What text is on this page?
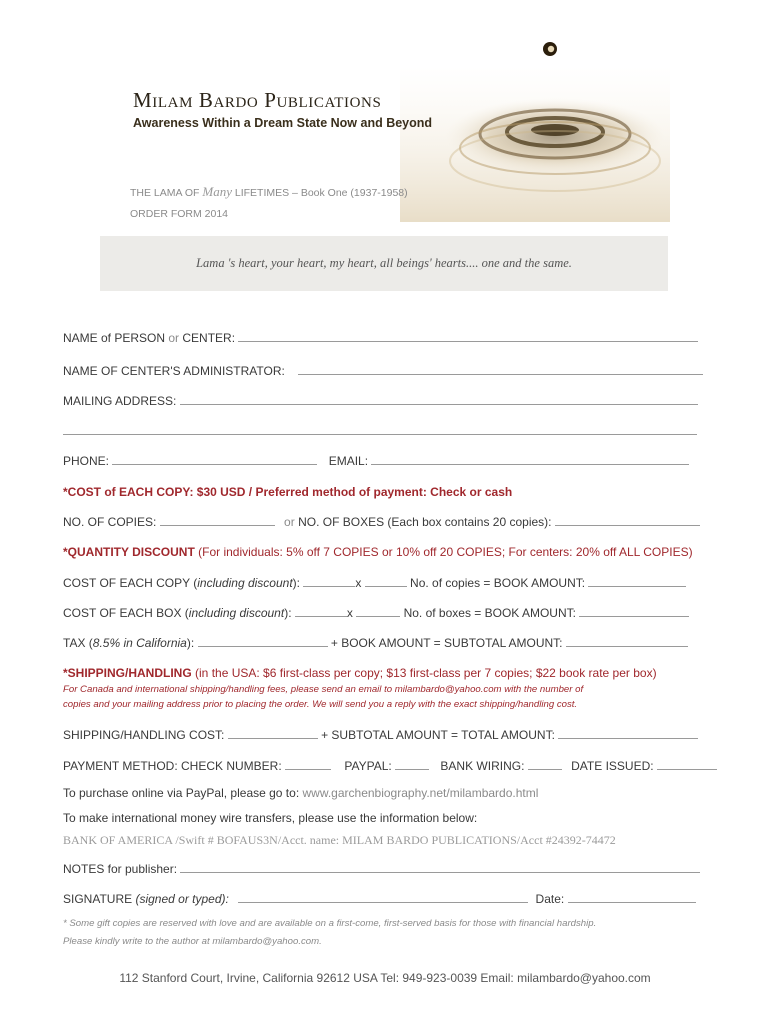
Milam Bardo Publications
Awareness Within a Dream State Now and Beyond
THE LAMA OF Many LIFETIMES – Book One (1937-1958)
ORDER FORM 2014
Lama 's heart, your heart, my heart, all beings' hearts.... one and the same.
NAME of PERSON or CENTER:
NAME OF CENTER'S ADMINISTRATOR:
MAILING ADDRESS:
PHONE:	EMAIL:
*COST of EACH COPY: $30 USD / Preferred method of payment: Check or cash
NO. OF COPIES:	or NO. OF BOXES (Each box contains 20 copies):
*QUANTITY DISCOUNT (For individuals: 5% off 7 COPIES or 10% off 20 COPIES; For centers: 20% off ALL COPIES)
COST OF EACH COPY (including discount):	x	No. of copies = BOOK AMOUNT:
COST OF EACH BOX (including discount):	x	No. of boxes = BOOK AMOUNT:
TAX (8.5% in California):	+ BOOK AMOUNT = SUBTOTAL AMOUNT:
*SHIPPING/HANDLING (in the USA: $6 first-class per copy; $13 first-class per 7 copies; $22 book rate per box)
For Canada and international shipping/handling fees, please send an email to milambardo@yahoo.com with the number of
copies and your mailing address prior to placing the order. We will send you a reply with the exact shipping/handling cost.
SHIPPING/HANDLING COST:	+ SUBTOTAL AMOUNT = TOTAL AMOUNT:
PAYMENT METHOD: CHECK NUMBER:	PAYPAL:	BANK WIRING:	DATE ISSUED:
To purchase online via PayPal, please go to: www.garchenbiography.net/milambardo.html
To make international money wire transfers, please use the information below:
BANK OF AMERICA /Swift # BOFAUS3N/Acct. name: MILAM BARDO PUBLICATIONS/Acct #24392-74472
NOTES for publisher:
SIGNATURE (signed or typed):	Date:
* Some gift copies are reserved with love and are available on a first-come, first-served basis for those with financial hardship.
Please kindly write to the author at milambardo@yahoo.com.
112 Stanford Court, Irvine, California 92612 USA Tel: 949-923-0039 Email: milambardo@yahoo.com
